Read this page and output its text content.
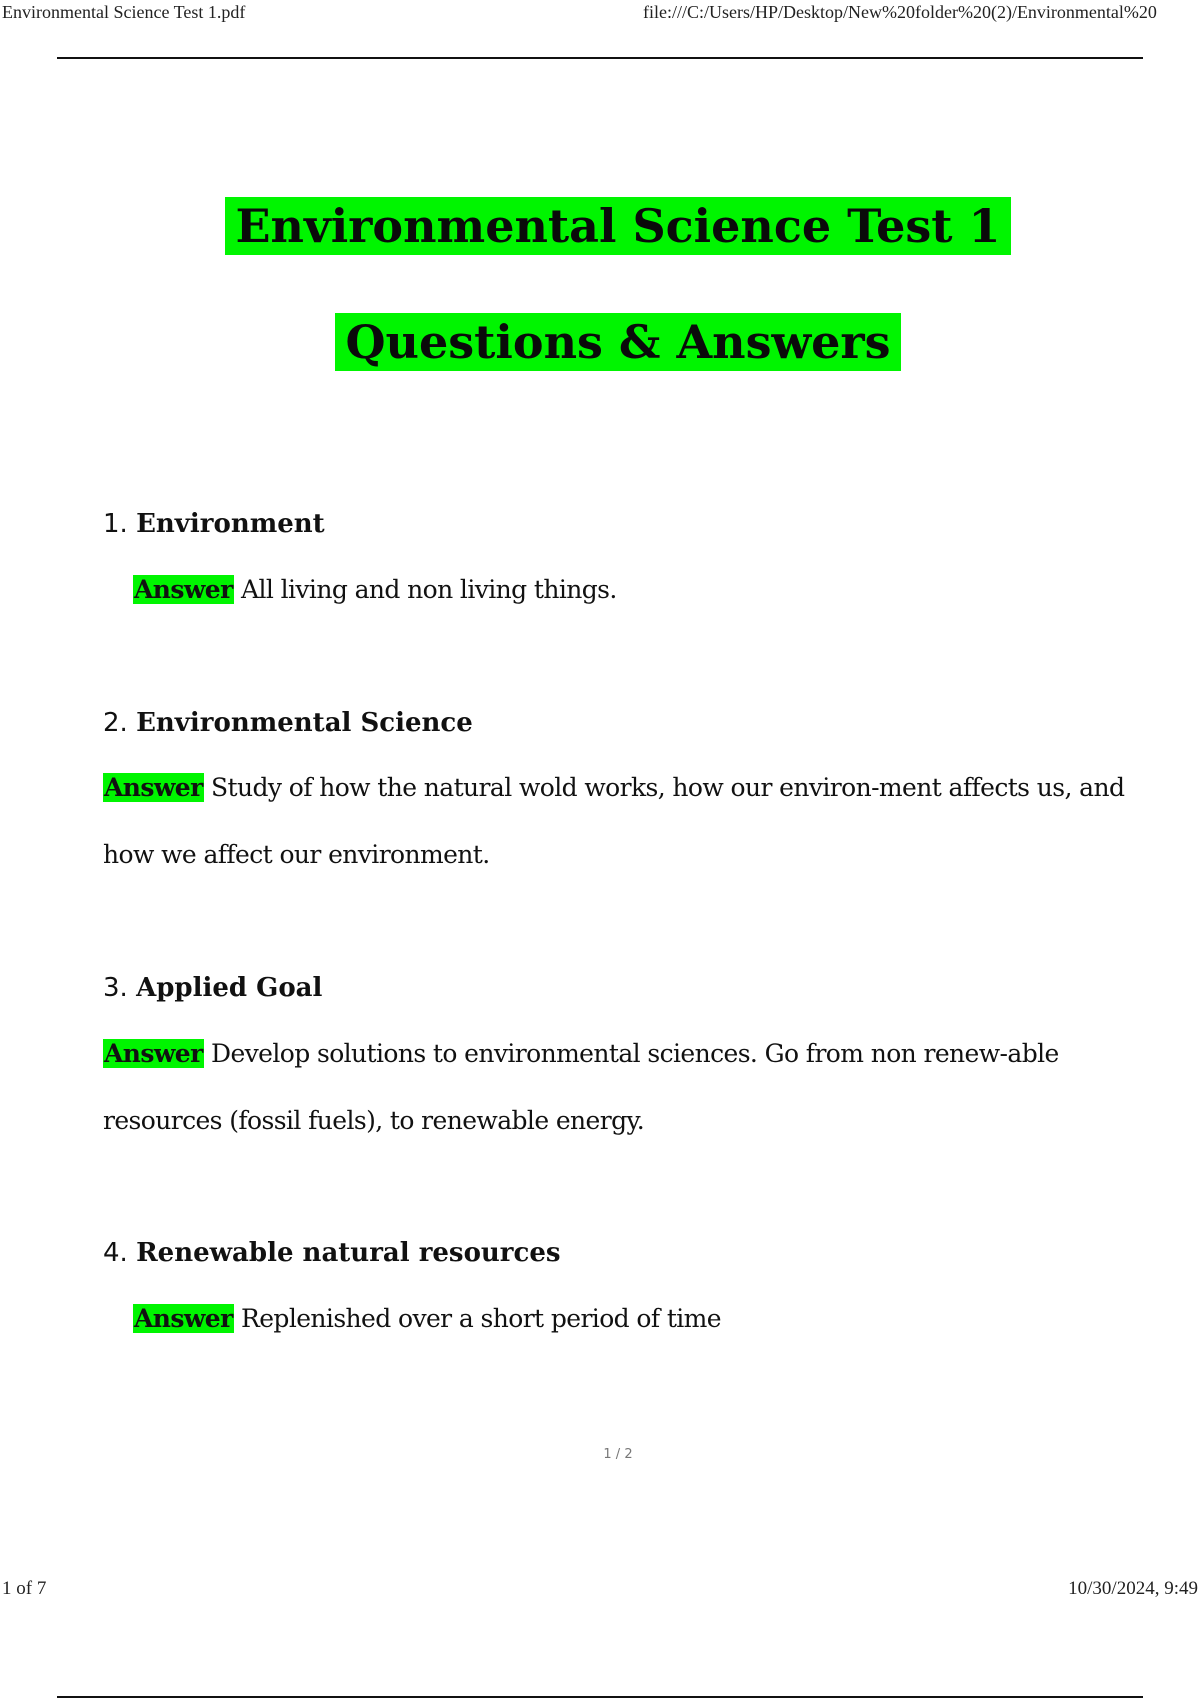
Environmental Science Test 1.pdf	file:///C:/Users/HP/Desktop/New%20folder%20(2)/Environmental%20
Environmental Science Test 1
Questions & Answers
1. Environment
Answer All living and non living things.
2. Environmental Science
Answer Study of how the natural wold works, how our environ-ment affects us, and
how we affect our environment.
3. Applied Goal
Answer Develop solutions to environmental sciences. Go from non renew-able
resources (fossil fuels), to renewable energy.
4. Renewable natural resources
Answer Replenished over a short period of time
1 / 2
1 of 7	10/30/2024, 9:49
